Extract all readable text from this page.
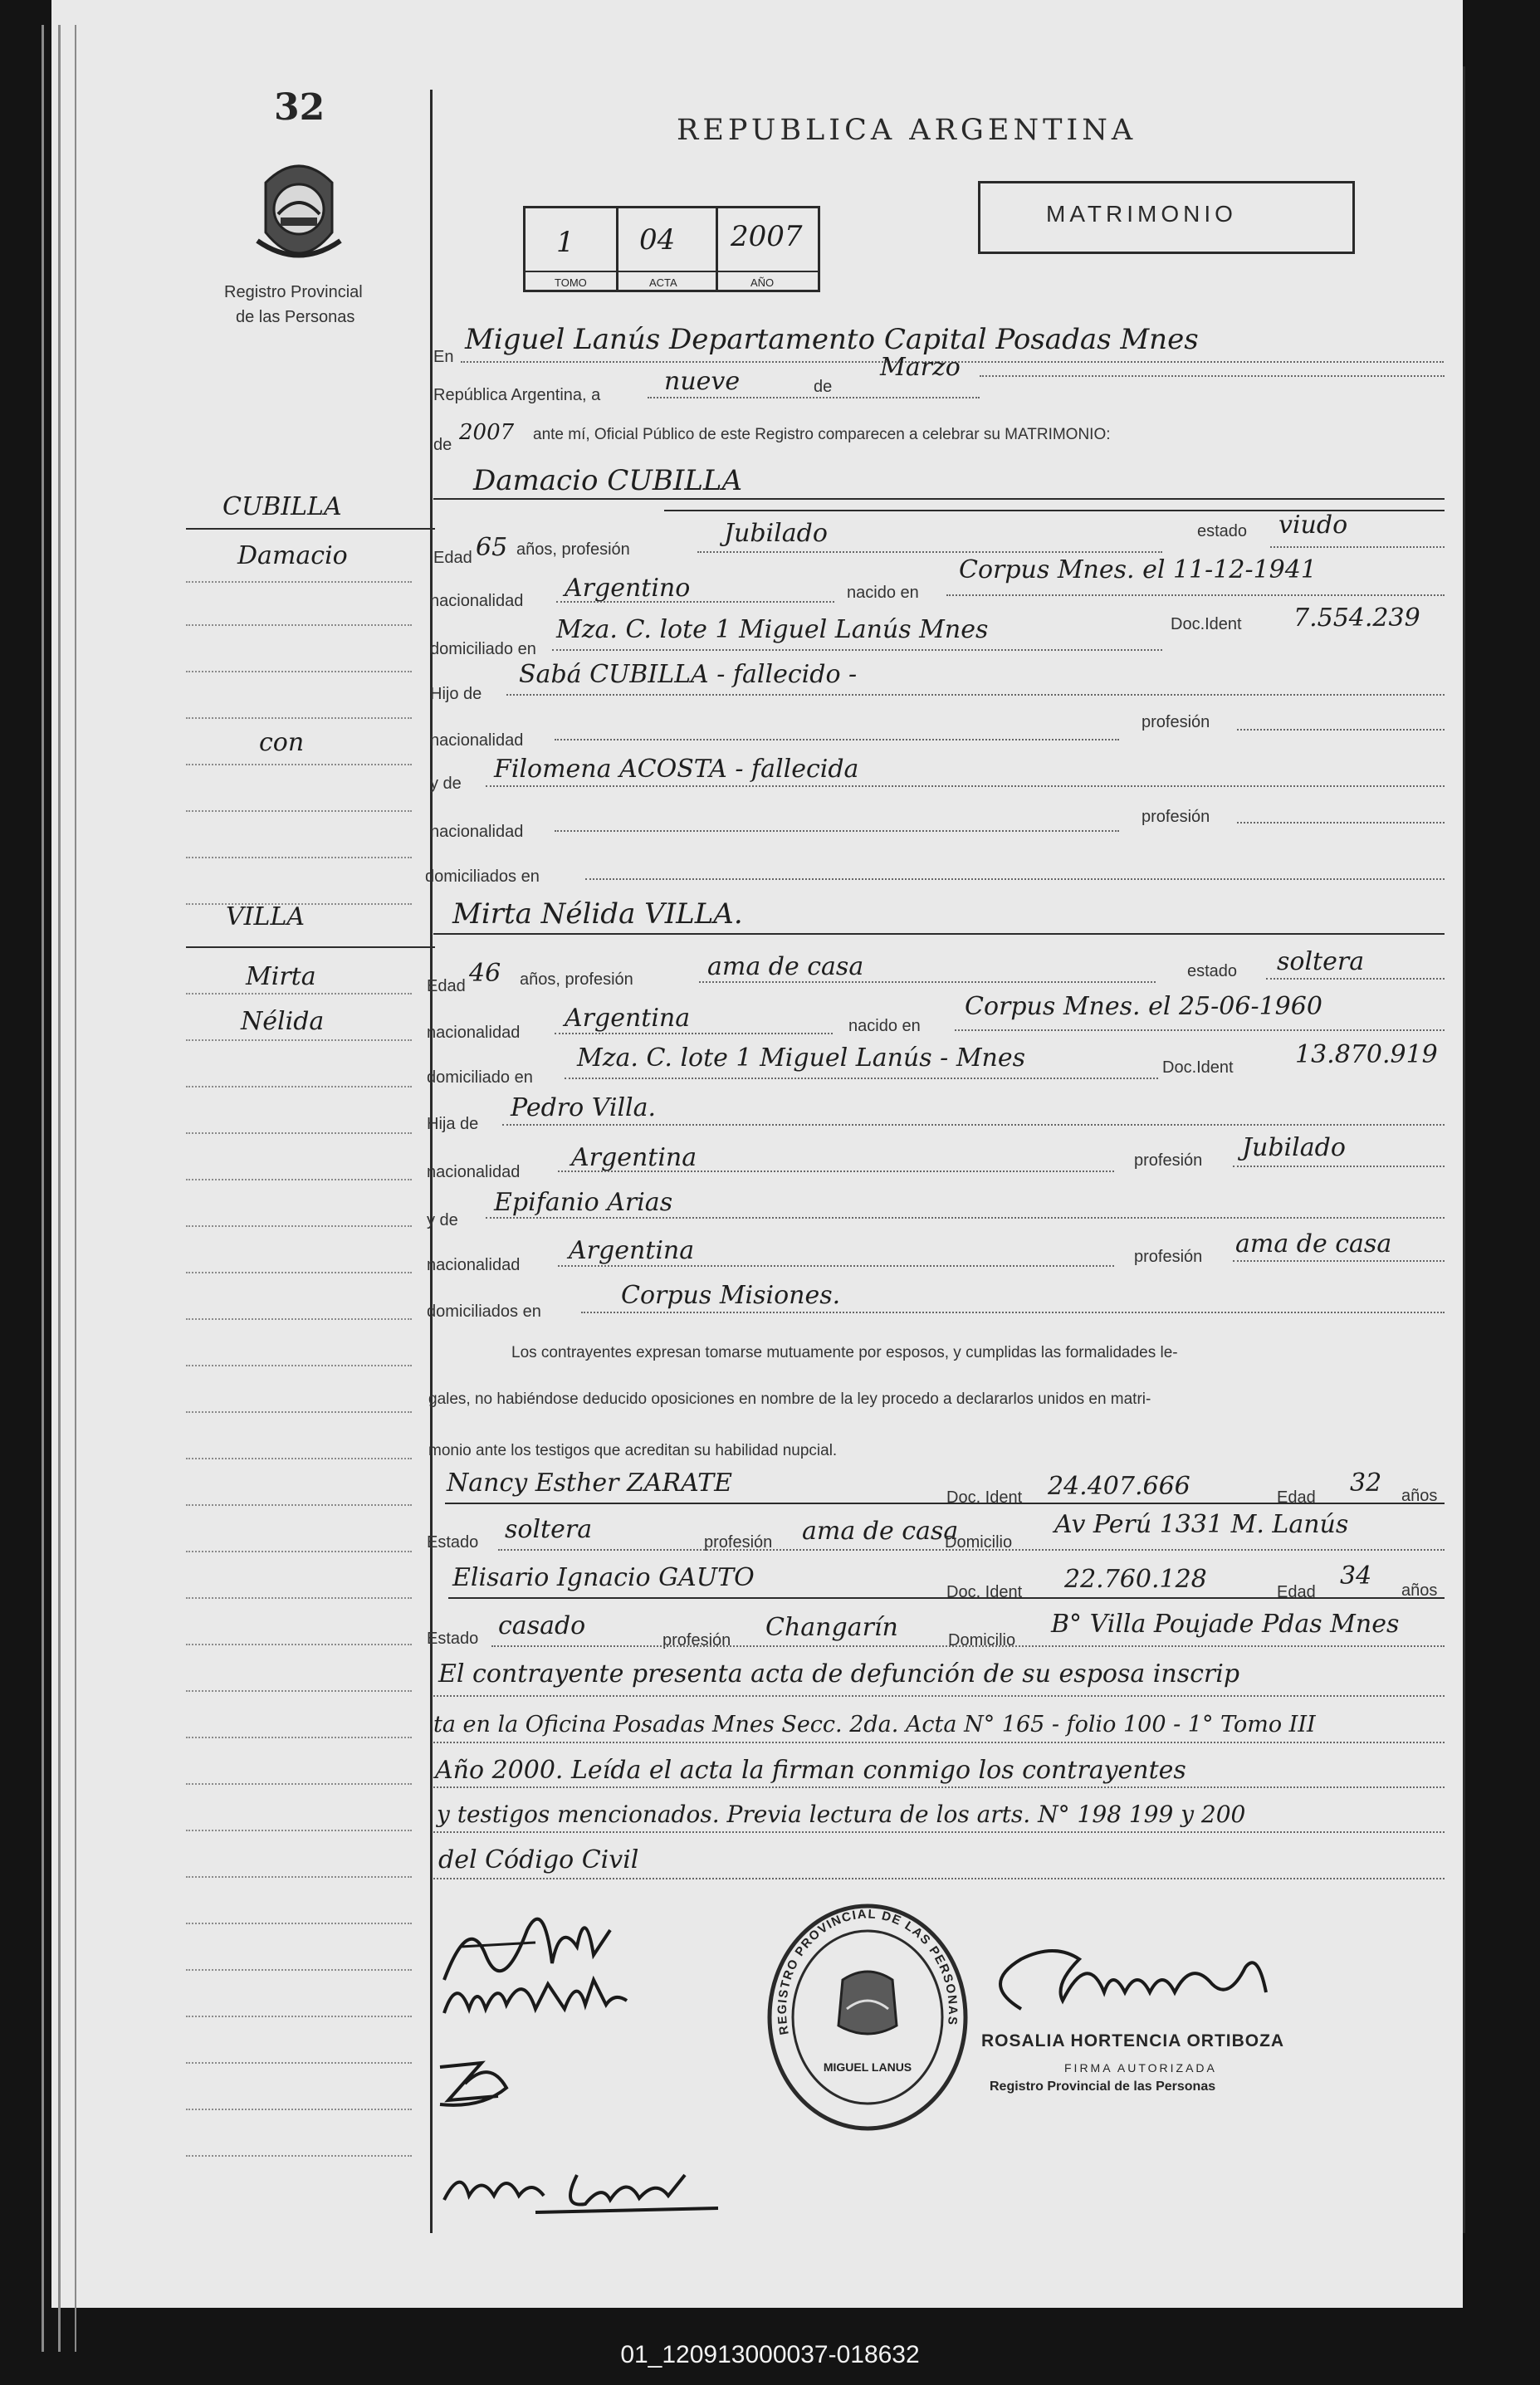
32
Registro Provincial
de las Personas
REPUBLICA ARGENTINA
1 04 2007
TOMO	ACTA	AÑO
MATRIMONIO
En
Miguel Lanús Departamento Capital Posadas Mnes
República Argentina, a	nueve	de
Marzo
de 2007 ante mí, Oficial Público de este Registro comparecen a celebrar su MATRIMONIO:
Damacio CUBILLA
CUBILLA
Damacio
con
Edad 65 años, profesión
Jubilado	estado viudo
nacionalidad Argentino	nacido en
Corpus Mnes. el 11-12-1941
domiciliado en
Mza. C. lote 1 Miguel Lanús Mnes	Doc.Ident 7.554.239
Hijo de
Sabá CUBILLA - fallecido -
nacionalidad
profesión
y de Filomena ACOSTA - fallecida
nacionalidad
profesión
domiciliados en
VILLA
Mirta
Nélida
Mirta Nélida VILLA.
Edad 46 años, profesión	ama de casa	estado soltera
nacionalidad Argentina	nacido en
Corpus Mnes. el 25-06-1960
domiciliado en
Mza. C. lote 1 Miguel Lanús - Mnes	Doc.Ident 13.870.919
Hija de
Pedro Villa.
nacionalidad Argentina	profesión Jubilado
y de
Epifanio Arias
nacionalidad Argentina	profesión ama de casa
domiciliados en
Corpus Misiones.
Los contrayentes expresan tomarse mutuamente por esposos, y cumplidas las formalidades le-
gales, no habiéndose deducido oposiciones en nombre de la ley procedo a declararlos unidos en matri-
monio ante los testigos que acreditan su habilidad nupcial.
Nancy Esther ZARATE	Doc. Ident 24.407.666	Edad 32 años
Estado soltera	profesión ama de casa
Domicilio
Av Perú 1331 M. Lanús
Elisario Ignacio GAUTO	Doc. Ident 22.760.128	Edad
34 años
Estado casado	profesión Changarín	Domicilio
B° Villa Poujade Pdas Mnes
El contrayente presenta acta de defunción de su esposa inscrip
ta en la Oficina Posadas Mnes Secc. 2da. Acta N° 165 - folio 100 - 1° Tomo III
Año 2000. Leída el acta la firman conmigo los contrayentes
y testigos mencionados. Previa lectura de los arts. N° 198 199 y 200
del Código Civil
REGISTRO PROVINCIAL DE LAS PERSONAS
MIGUEL LANUS
ROSALIA HORTENCIA ORTIBOZA
FIRMA AUTORIZADA
Registro Provincial de las Personas
01_120913000037-018632
